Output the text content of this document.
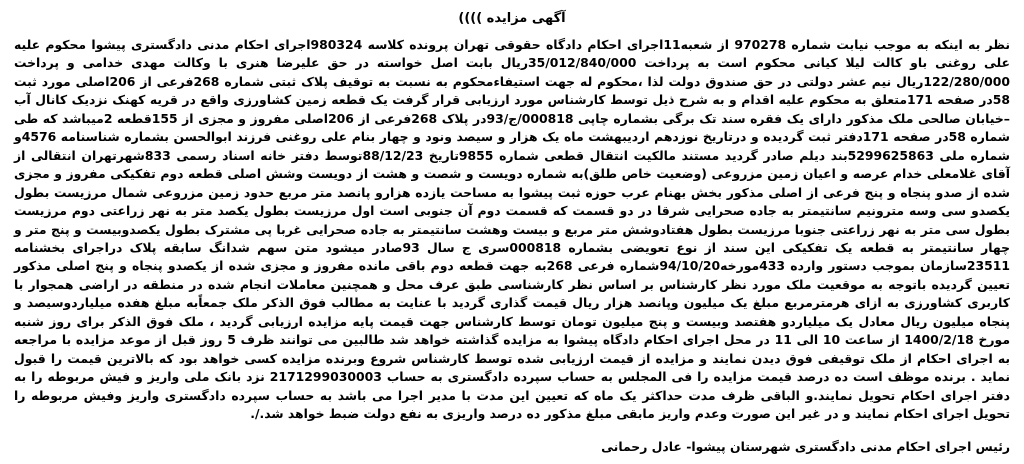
آگهی مزایده ))))

نظر به اینکه به موجب نیابت شماره 970278 از شعبه11اجرای احکام دادگاه حقوقی تهران پرونده کلاسه 980324اجرای احکام مدنی دادگستری پیشوا محکوم علیه علی روغنی باو کالت لیلا کیانی محکوم است به پرداخت 35/012/840/000ریال بابت اصل خواسته در حق علیرضا هنری با وکالت مهدی خدامی و پرداخت 122/280/000ریال نیم عشر دولتی در حق صندوق دولت لذا ،محکوم له جهت استیفاءمحکوم به نسبت به توقیف پلاک ثبتی شماره 268فرعی از 206اصلی مورد ثبت 58در صفحه 171متعلق به محکوم علیه اقدام و به شرح ذیل توسط کارشناس مورد ارزیابی قرار گرفت یک قطعه زمین کشاورزی واقع در قریه کهنک نزدیک کانال آب –خیابان صالحی ملک مذکور دارای یک فقره سند تک برگی بشماره چاپی 000818/ج/93در پلاک 268فرعی از 206اصلی مفروز و مجزی از 155قطعه 2میباشد که طی شماره 58در صفحه 171دفتر ثبت گردیده و درتاریخ نوزدهم اردیبهشت ماه یک هزار و سیصد ونود و چهار بنام علی روغنی فرزند ابوالحسن بشماره شناسنامه 4576و شماره ملی 5299625863بند دیلم صادر گردید مستند مالکیت انتقال قطعی شماره 9855تاریخ 88/12/23توسط دفتر خانه اسناد رسمی 833شهرتهران انتقالی از آقای غلامعلی خدام عرصه و اعیان زمین مزروعی (وضعیت خاص طلق)به شماره دویست و شصت و هشت از دویست وشش اصلی قطعه دوم تفکیکی مفروز و مجزی شده از صدو پنجاه و پنج فرعی از اصلی مذکور بخش بهنام عرب حوزه ثبت پیشوا به مساحت یازده هزارو پانصد متر مربع حدود زمین مزروعی شمال مرزیست بطول یکصدو سی وسه مترونیم سانتیمتر به جاده صحرایی شرقا در دو قسمت که قسمت دوم آن جنوبی است اول مرزیست بطول یکصد متر به نهر زراعتی دوم مرزیست بطول سی متر به نهر زراعتی جنوبا مرزیست بطول هفتادوشش متر مربع و بیست وهشت سانتیمتر به جاده صحرایی غربا پی مشترک بطول یکصدوبیست و پنج متر و چهار سانتیمتر به قطعه یک تفکیکی این سند از نوع تعویضی بشماره 000818سری ج سال 93صادر میشود متن سهم شدانگ سابقه پلاک دراجرای بخشنامه 23511سازمان بموجب دستور وارده 433مورخه94/10/20شماره فرعی 268به جهت قطعه دوم باقی مانده مفروز و مجزی شده از یکصدو پنجاه و پنج اصلی مذکور تعیین گردیده باتوجه به موقعیت ملک مورد نظر کارشناس بر اساس نظر کارشناسی طبق عرف محل و همچنین معاملات انجام شده در منطقه در اراضی همجوار با کاربری کشاورزی به ازای هرمترمربع مبلغ یک میلیون وپانصد هزار ریال قیمت گذاری گردید با عنایت به مطالب فوق الذکر ملک جمعاًبه مبلغ هفده میلیاردوسیصد و پنجاه میلیون ریال معادل یک میلیاردو هفتصد وبیست و پنج میلیون تومان توسط کارشناس جهت قیمت پایه مزایده ارزیابی گردید ، ملک فوق الذکر برای روز شنبه مورخ 1400/2/18 از ساعت 10 الی 11 در محل اجرای احکام دادگاه پیشوا به مزایده گذاشته خواهد شد طالبین می توانند ظرف 5 روز قبل از موعد مزایده با مراجعه به اجرای احکام از ملک توقیفی فوق دیدن نمایند و مزایده از قیمت ارزیابی شده توسط کارشناس شروع وبرنده مزایده کسی خواهد بود که بالاترین قیمت را قبول نماید . برنده موظف است ده درصد قیمت مزایده را فی المجلس به حساب سپرده دادگستری به حساب 2171299030003 نزد بانک ملی واریز و فیش مربوطه را به دفتر اجرای احکام تحویل نمایند.و الباقی ظرف مدت حداکثر یک ماه که تعیین این مدت با مدیر اجرا می باشد به حساب سپرده دادگستری واریز وفیش مربوطه را تحویل اجرای احکام نمایند و در غیر این صورت وعدم واریز مابقی مبلغ مذکور ده درصد واریزی به نفع دولت ضبط خواهد شد./.

رئیس اجرای احکام مدنی دادگستری شهرستان پیشوا- عادل رحمانی
